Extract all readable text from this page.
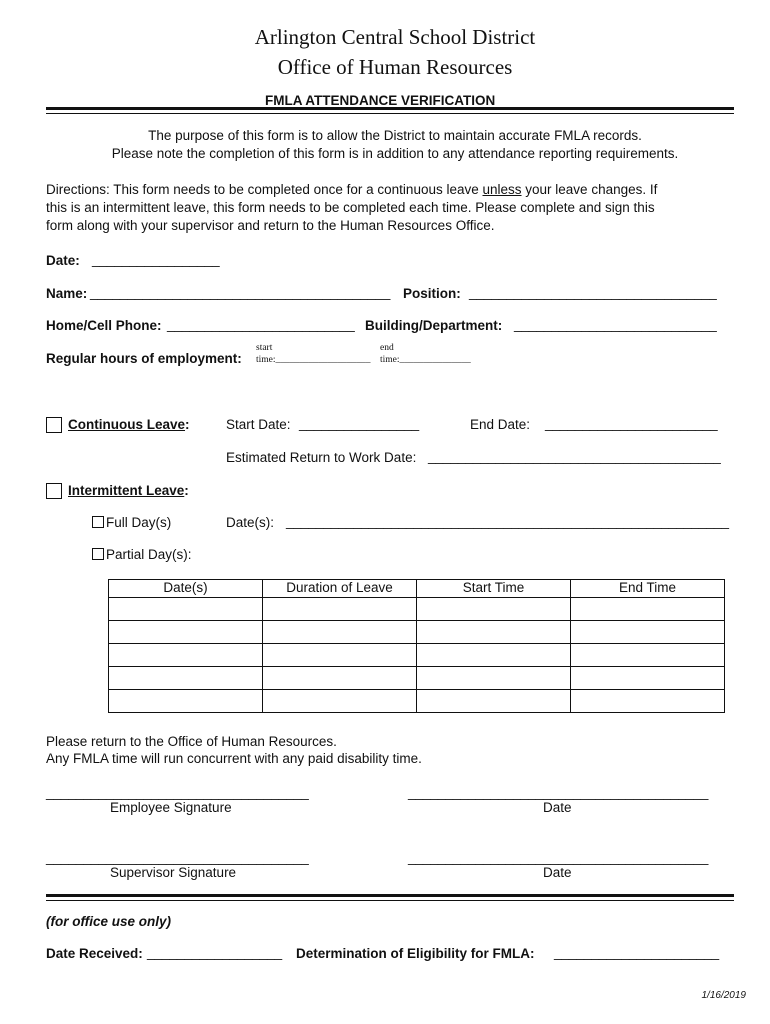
Arlington Central School District
Office of Human Resources
FMLA ATTENDANCE VERIFICATION
The purpose of this form is to allow the District to maintain accurate FMLA records.
Please note the completion of this form is in addition to any attendance reporting requirements.
Directions: This form needs to be completed once for a continuous leave unless your leave changes. If
this is an intermittent leave, this form needs to be completed each time. Please complete and sign this
form along with your supervisor and return to the Human Resources Office.
Date: _________________
Name: ________________________________________ Position: _________________________________
Home/Cell Phone: _________________________ Building/Department: ___________________________
Regular hours of employment:
start
time:____________________
end
time:_______________
Continuous Leave:	Start Date: ________________	End Date: _______________________
Estimated Return to Work Date: _______________________________________
Intermittent Leave:
Full Day(s)	Date(s): ___________________________________________________________
Partial Day(s):
Date(s)	Duration of Leave	Start Time	End Time

Please return to the Office of Human Resources.
Any FMLA time will run concurrent with any paid disability time.
___________________________________	________________________________________
Employee Signature	Date
___________________________________	________________________________________
Supervisor Signature	Date
(for office use only)
Date Received: __________________ Determination of Eligibility for FMLA: ______________________
1/16/2019
